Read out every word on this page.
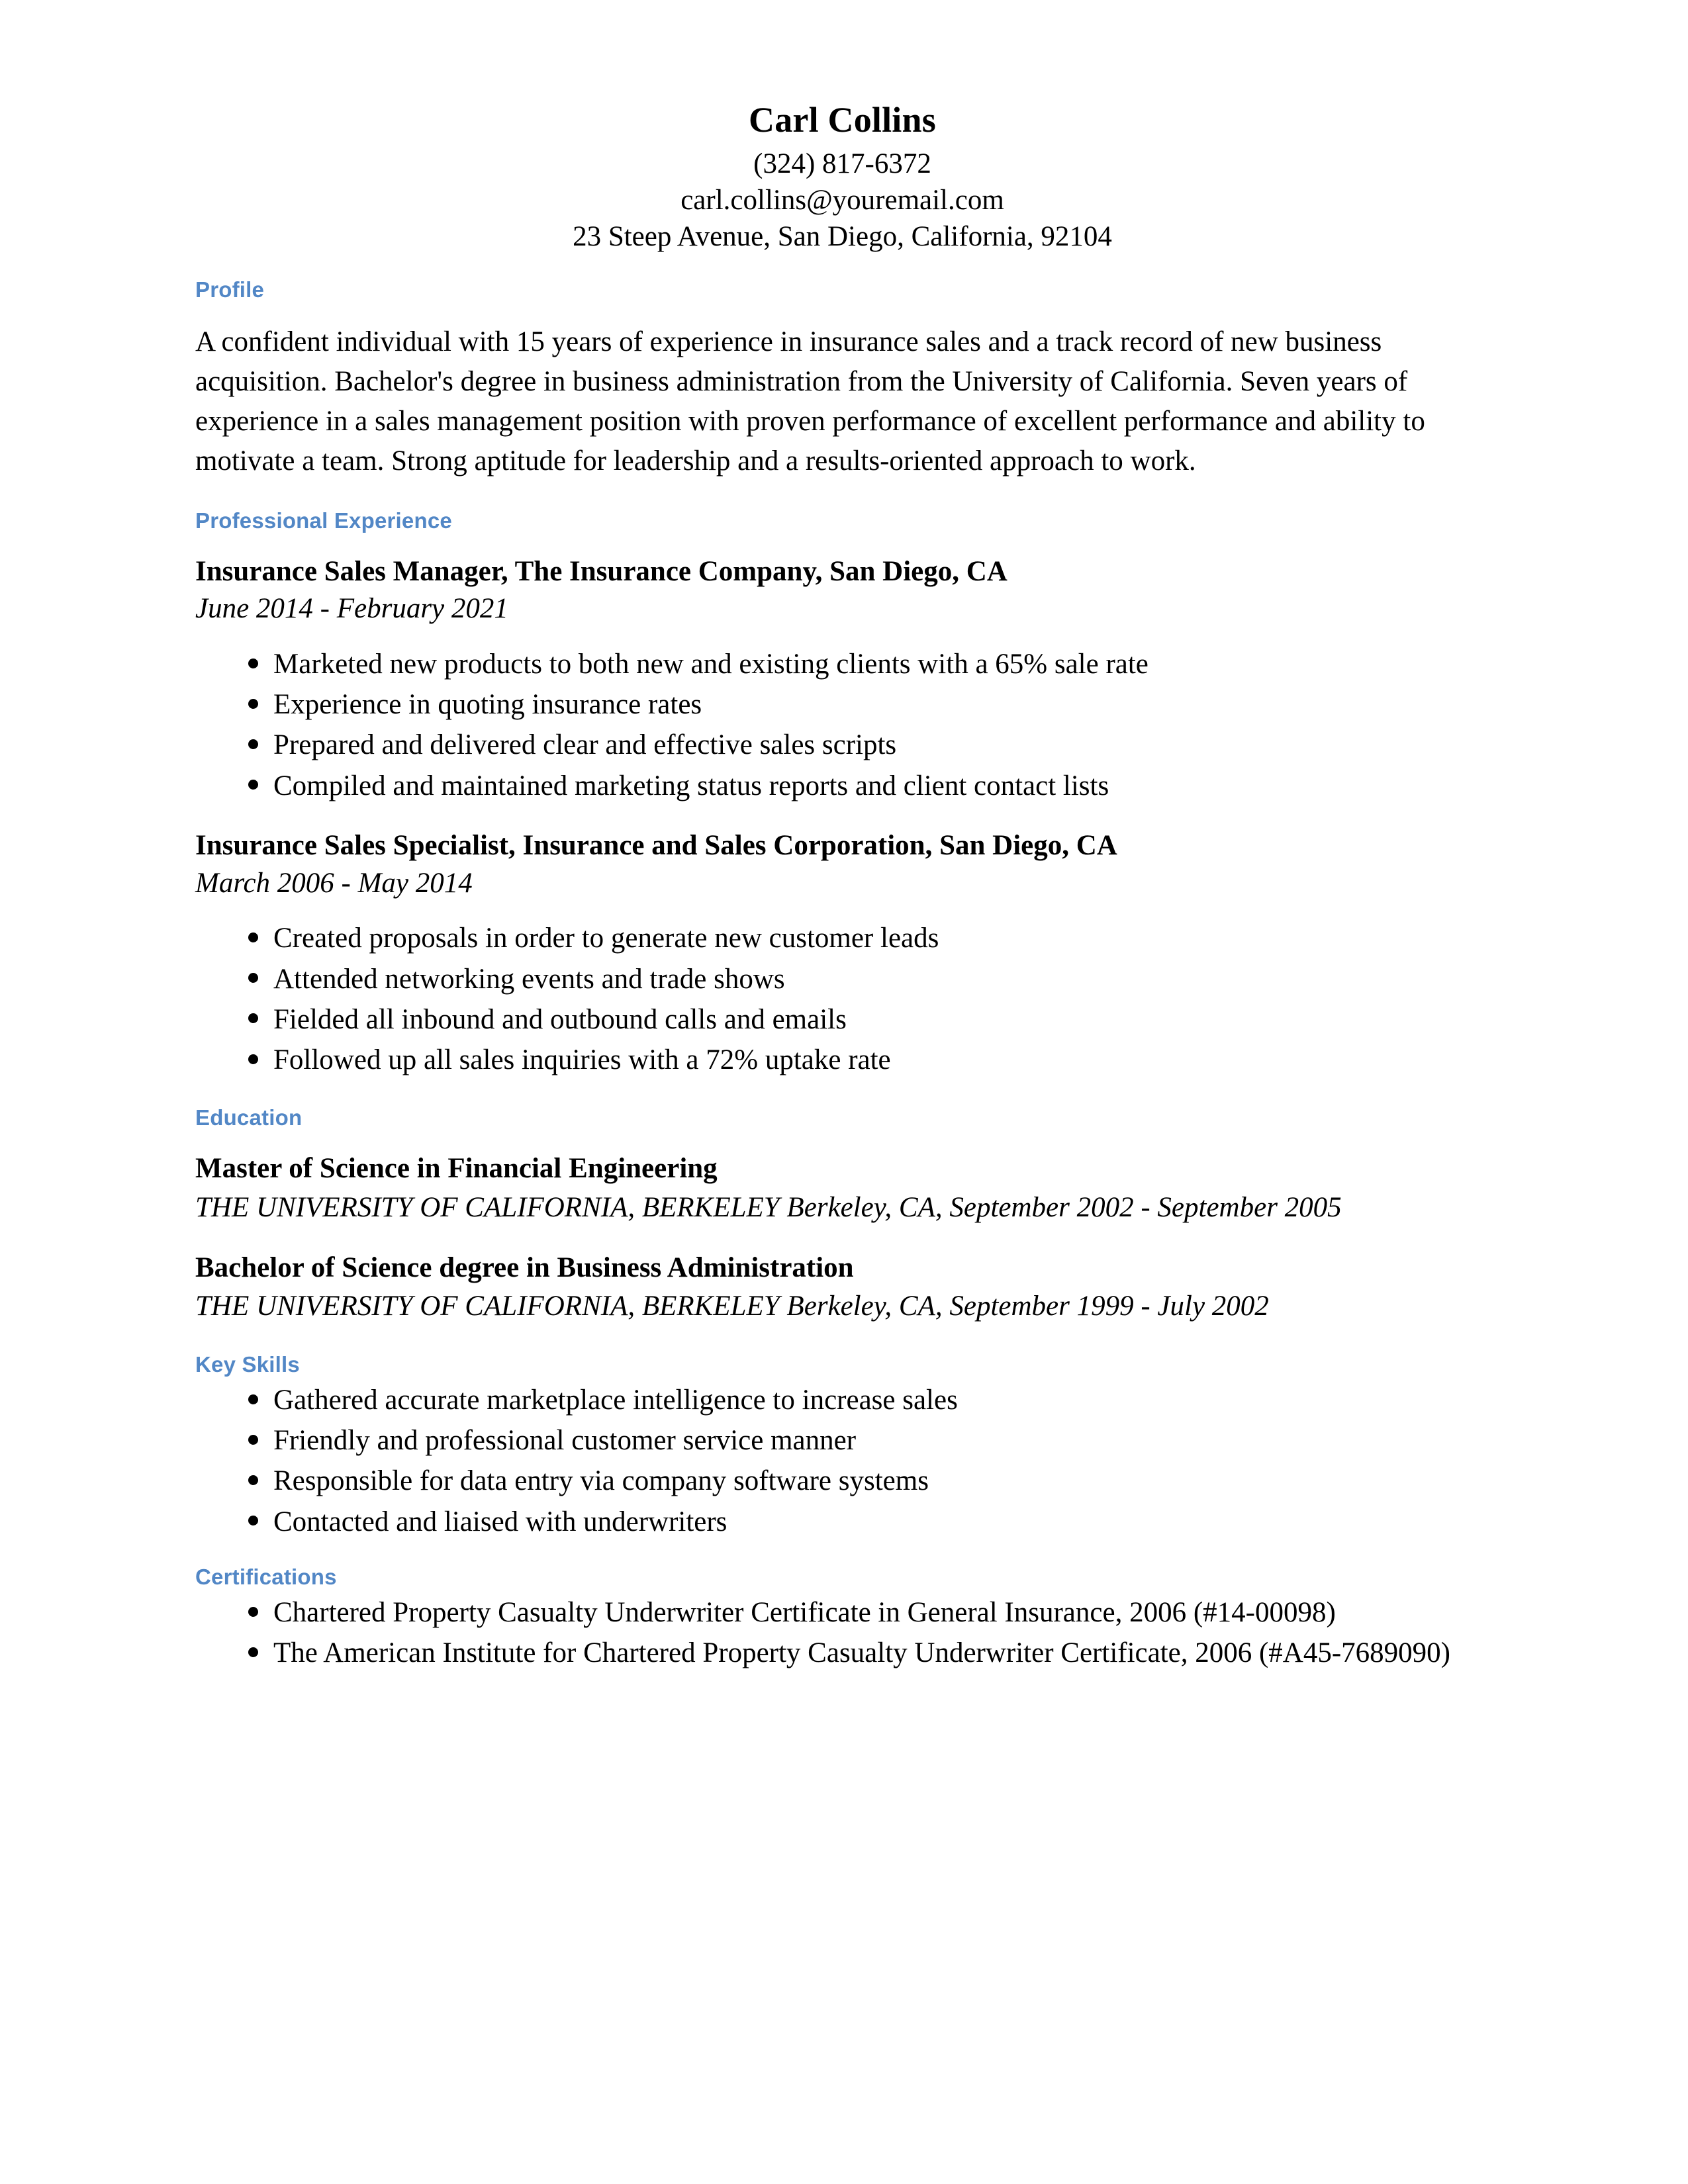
Carl Collins
(324) 817-6372
carl.collins@youremail.com
23 Steep Avenue, San Diego, California, 92104
Profile

A confident individual with 15 years of experience in insurance sales and a track record of new business acquisition. Bachelor's degree in business administration from the University of California. Seven years of experience in a sales management position with proven performance of excellent performance and ability to motivate a team. Strong aptitude for leadership and a results-oriented approach to work.

Professional Experience

Insurance Sales Manager, The Insurance Company, San Diego, CA

June 2014 - February 2021

Marketed new products to both new and existing clients with a 65% sale rate
Experience in quoting insurance rates
Prepared and delivered clear and effective sales scripts
Compiled and maintained marketing status reports and client contact lists

Insurance Sales Specialist, Insurance and Sales Corporation, San Diego, CA

March 2006 - May 2014

Created proposals in order to generate new customer leads
Attended networking events and trade shows
Fielded all inbound and outbound calls and emails
Followed up all sales inquiries with a 72% uptake rate
Education

Master of Science in Financial Engineering

THE UNIVERSITY OF CALIFORNIA, BERKELEY Berkeley, CA, September 2002 - September 2005

Bachelor of Science degree in Business Administration

THE UNIVERSITY OF CALIFORNIA, BERKELEY Berkeley, CA, September 1999 - July 2002

Key Skills
Gathered accurate marketplace intelligence to increase sales
Friendly and professional customer service manner
Responsible for data entry via company software systems
Contacted and liaised with underwriters
Certifications
Chartered Property Casualty Underwriter Certificate in General Insurance, 2006 (#14-00098)
The American Institute for Chartered Property Casualty Underwriter Certificate, 2006 (#A45-7689090)
